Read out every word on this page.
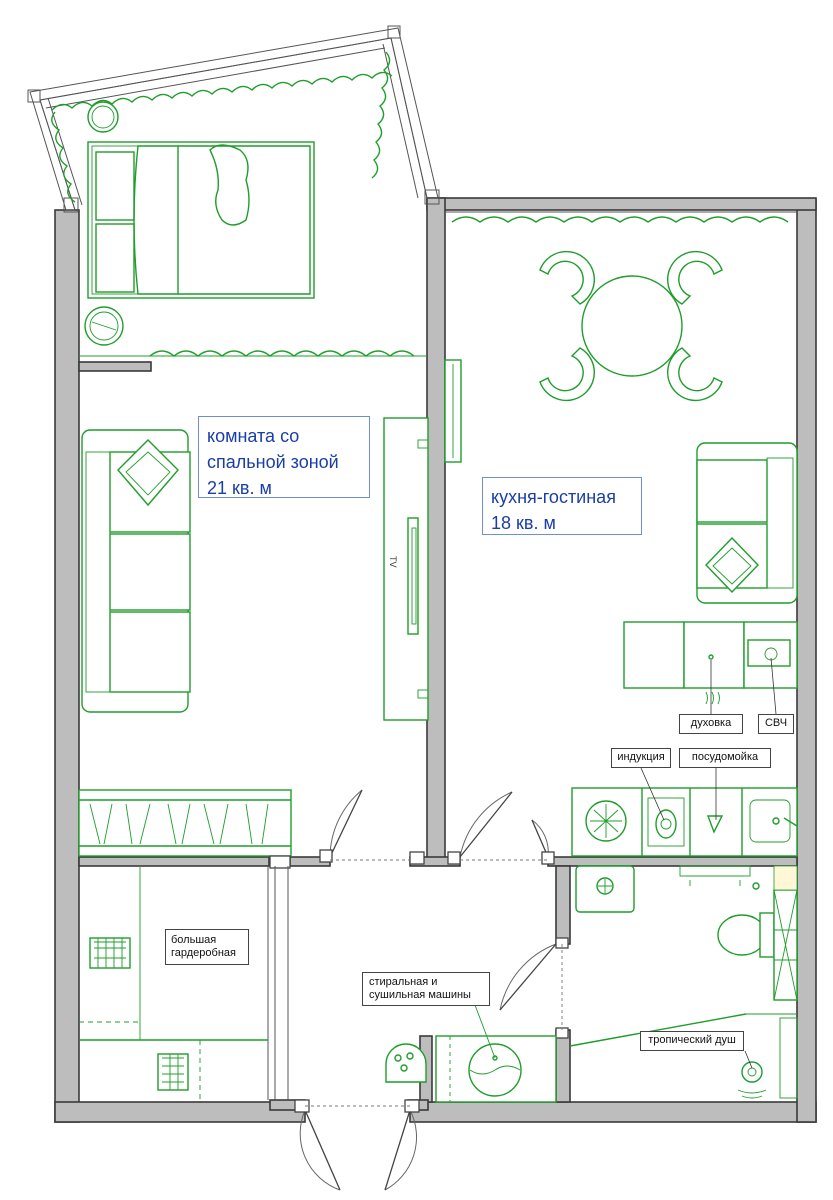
комната со
спальной зоной
21 кв. м	кухня-гостиная
18 кв. м
большая
гардеробная
духовка	СВЧ
индукция	посудомойка
стиральная и
сушильная машины
тропический душ
TV
